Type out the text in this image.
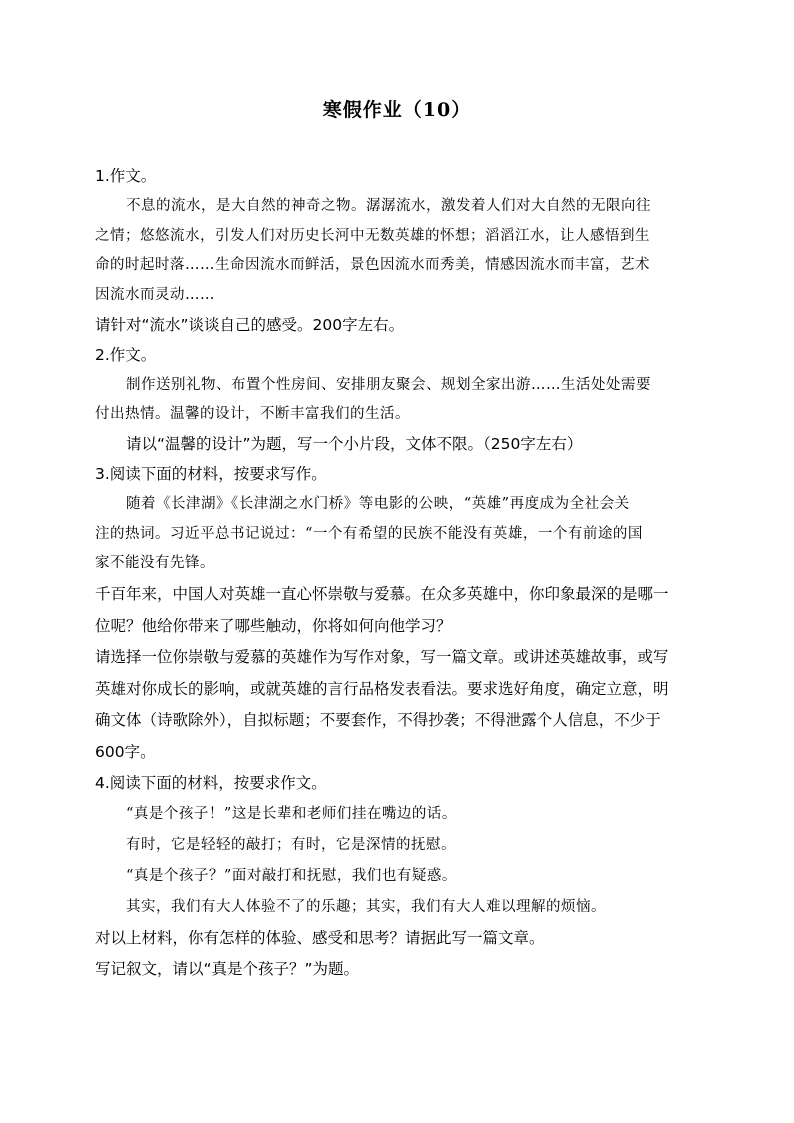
寒假作业（10）
1.作文。
不息的流水，是大自然的神奇之物。潺潺流水，激发着人们对大自然的无限向往
之情；悠悠流水，引发人们对历史长河中无数英雄的怀想；滔滔江水，让人感悟到生
命的时起时落……生命因流水而鲜活，景色因流水而秀美，情感因流水而丰富，艺术
因流水而灵动……
请针对“流水”谈谈自己的感受。200字左右。
2.作文。
制作送别礼物、布置个性房间、安排朋友聚会、规划全家出游……生活处处需要
付出热情。温馨的设计，不断丰富我们的生活。
请以“温馨的设计”为题，写一个小片段，文体不限。（250字左右）
3.阅读下面的材料，按要求写作。
随着《长津湖》《长津湖之水门桥》等电影的公映，“英雄”再度成为全社会关
注的热词。习近平总书记说过：“一个有希望的民族不能没有英雄，一个有前途的国
家不能没有先锋。
千百年来，中国人对英雄一直心怀崇敬与爱慕。在众多英雄中，你印象最深的是哪一
位呢？他给你带来了哪些触动，你将如何向他学习？
请选择一位你崇敬与爱慕的英雄作为写作对象，写一篇文章。或讲述英雄故事，或写
英雄对你成长的影响，或就英雄的言行品格发表看法。要求选好角度，确定立意，明
确文体（诗歌除外），自拟标题；不要套作，不得抄袭；不得泄露个人信息，不少于
600字。
4.阅读下面的材料，按要求作文。
“真是个孩子！”这是长辈和老师们挂在嘴边的话。
有时，它是轻轻的敲打；有时，它是深情的抚慰。
“真是个孩子？”面对敲打和抚慰，我们也有疑惑。
其实，我们有大人体验不了的乐趣；其实，我们有大人难以理解的烦恼。
对以上材料，你有怎样的体验、感受和思考？请据此写一篇文章。
写记叙文，请以“真是个孩子？”为题。
